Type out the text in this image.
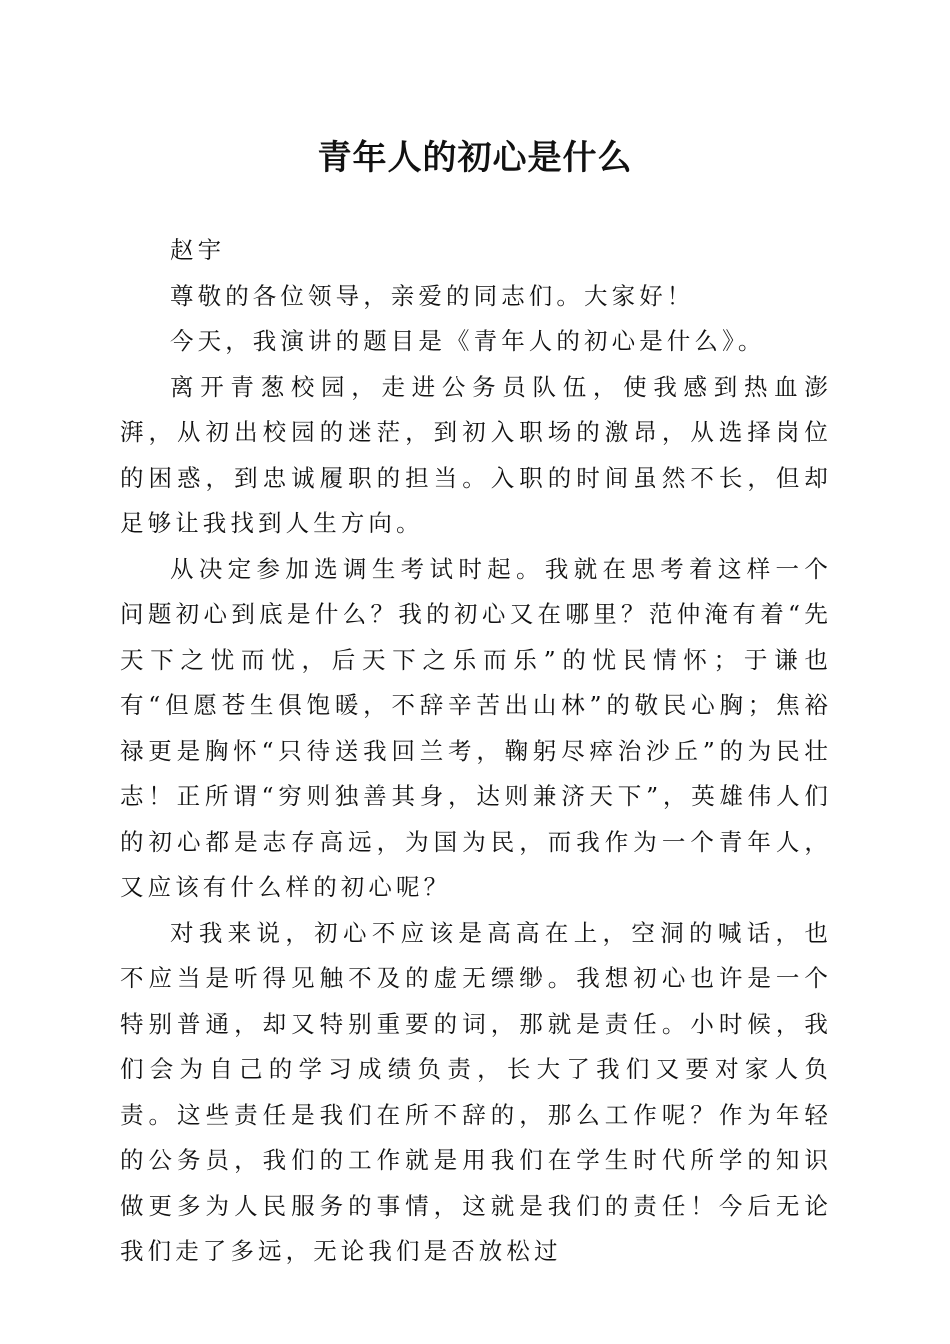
青年人的初心是什么

赵宇

尊敬的各位领导，亲爱的同志们。大家好！

今天，我演讲的题目是《青年人的初心是什么》。

离开青葱校园，走进公务员队伍，使我感到热血澎湃，从初出校园的迷茫，到初入职场的激昂，从选择岗位的困惑，到忠诚履职的担当。入职的时间虽然不长，但却足够让我找到人生方向。

从决定参加选调生考试时起。我就在思考着这样一个问题初心到底是什么？我的初心又在哪里？范仲淹有着“先天下之忧而忧，后天下之乐而乐”的忧民情怀；于谦也有“但愿苍生俱饱暖，不辞辛苦出山林”的敬民心胸；焦裕禄更是胸怀“只待送我回兰考，鞠躬尽瘁治沙丘”的为民壮志！正所谓“穷则独善其身，达则兼济天下”，英雄伟人们的初心都是志存高远，为国为民，而我作为一个青年人，又应该有什么样的初心呢？

对我来说，初心不应该是高高在上，空洞的喊话，也不应当是听得见触不及的虚无缥缈。我想初心也许是一个特别普通，却又特别重要的词，那就是责任。小时候，我们会为自己的学习成绩负责，长大了我们又要对家人负责。这些责任是我们在所不辞的，那么工作呢？作为年轻的公务员，我们的工作就是用我们在学生时代所学的知识做更多为人民服务的事情，这就是我们的责任！今后无论我们走了多远，无论我们是否放松过
